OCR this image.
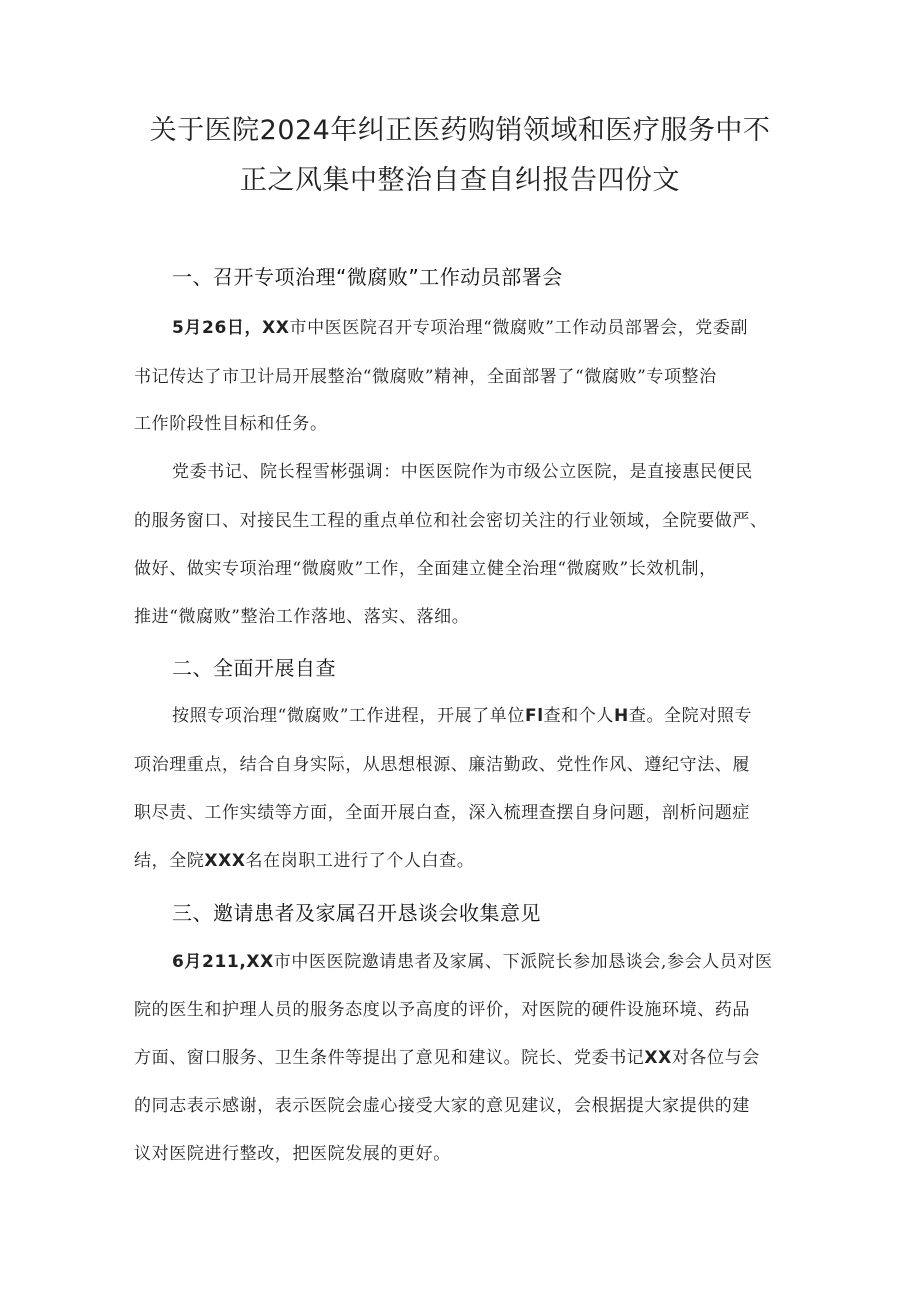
关于医院2024年纠正医药购销领域和医疗服务中不
正之风集中整治自查自纠报告四份文
一、召开专项治理“微腐败”工作动员部署会
5月26日，XX市中医医院召开专项治理“微腐败”工作动员部署会，党委副
书记传达了市卫计局开展整治“微腐败”精神，全面部署了“微腐败”专项整治
工作阶段性目标和任务。
党委书记、院长程雪彬强调：中医医院作为市级公立医院，是直接惠民便民
的服务窗口、对接民生工程的重点单位和社会密切关注的行业领域，全院要做严、
做好、做实专项治理“微腐败”工作，全面建立健全治理“微腐败”长效机制，
推进“微腐败”整治工作落地、落实、落细。
二、全面开展自查
按照专项治理“微腐败”工作进程，开展了单位Fl查和个人H查。全院对照专
项治理重点，结合自身实际，从思想根源、廉洁勤政、党性作风、遵纪守法、履
职尽责、工作实绩等方面，全面开展白查，深入梳理查摆自身问题，剖析问题症
结，全院XXX名在岗职工进行了个人白查。
三、邀请患者及家属召开恳谈会收集意见
6月211,XX市中医医院邀请患者及家属、下派院长参加恳谈会,参会人员对医
院的医生和护理人员的服务态度以予高度的评价，对医院的硬件设施环境、药品
方面、窗口服务、卫生条件等提出了意见和建议。院长、党委书记XX对各位与会
的同志表示感谢，表示医院会虚心接受大家的意见建议，会根据提大家提供的建
议对医院进行整改，把医院发展的更好。
